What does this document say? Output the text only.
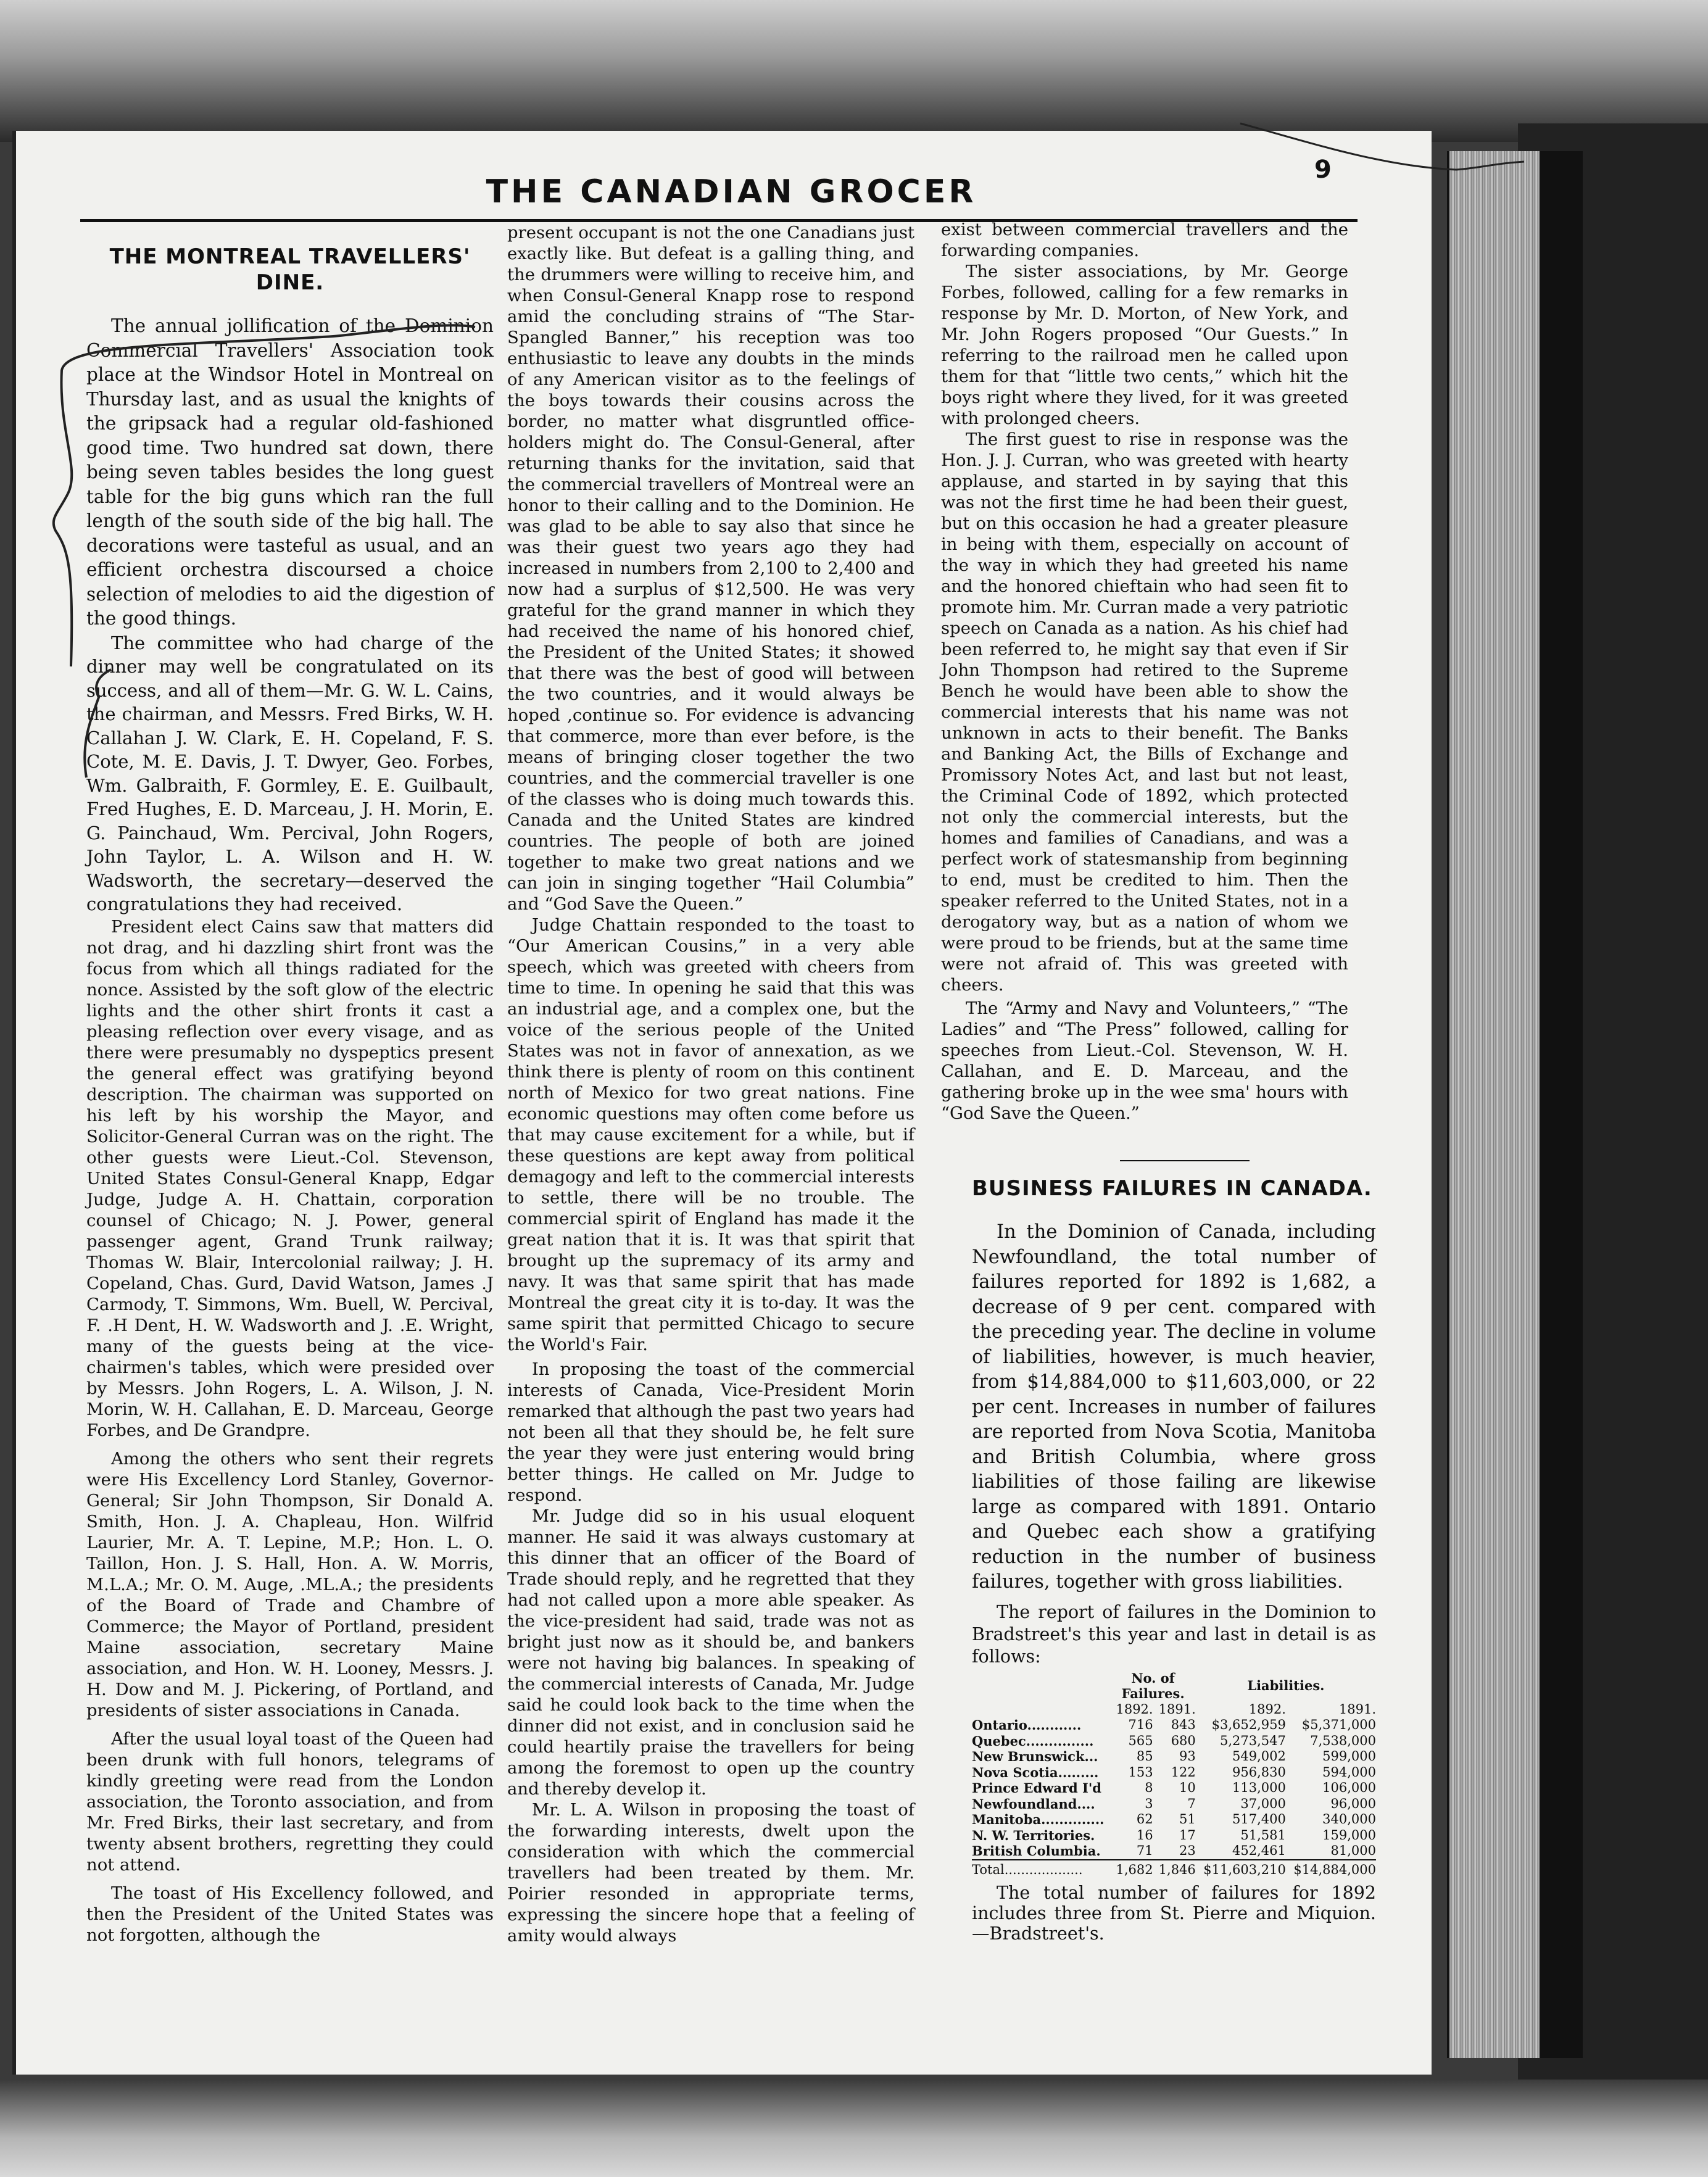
THE CANADIAN GROCER
9
THE MONTREAL TRAVELLERS' DINE.

The annual jollification of the Dominion Commercial Travellers' Association took place at the Windsor Hotel in Montreal on Thursday last, and as usual the knights of the gripsack had a regular old-fashioned good time. Two hundred sat down, there being seven tables besides the long guest table for the big guns which ran the full length of the south side of the big hall. The decorations were tasteful as usual, and an efficient orchestra discoursed a choice selection of melodies to aid the digestion of the good things.

The committee who had charge of the dinner may well be congratulated on its success, and all of them—Mr. G. W. L. Cains, the chairman, and Messrs. Fred Birks, W. H. Callahan J. W. Clark, E. H. Copeland, F. S. Cote, M. E. Davis, J. T. Dwyer, Geo. Forbes, Wm. Galbraith, F. Gormley, E. E. Guilbault, Fred Hughes, E. D. Marceau, J. H. Morin, E. G. Painchaud, Wm. Percival, John Rogers, John Taylor, L. A. Wilson and H. W. Wadsworth, the secretary—deserved the congratulations they had received.

President elect Cains saw that matters did not drag, and hi dazzling shirt front was the focus from which all things radiated for the nonce. Assisted by the soft glow of the electric lights and the other shirt fronts it cast a pleasing reflection over every visage, and as there were presumably no dyspeptics present the general effect was gratifying beyond description. The chairman was supported on his left by his worship the Mayor, and Solicitor-General Curran was on the right. The other guests were Lieut.-Col. Stevenson, United States Consul-General Knapp, Edgar Judge, Judge A. H. Chattain, corporation counsel of Chicago; N. J. Power, general passenger agent, Grand Trunk railway; Thomas W. Blair, Intercolonial railway; J. H. Copeland, Chas. Gurd, David Watson, James .J Carmody, T. Simmons, Wm. Buell, W. Percival, F. .H Dent, H. W. Wadsworth and J. .E. Wright, many of the guests being at the vice-chairmen's tables, which were presided over by Messrs. John Rogers, L. A. Wilson, J. N. Morin, W. H. Callahan, E. D. Marceau, George Forbes, and De Grandpre.

Among the others who sent their regrets were His Excellency Lord Stanley, Governor-General; Sir John Thompson, Sir Donald A. Smith, Hon. J. A. Chapleau, Hon. Wilfrid Laurier, Mr. A. T. Lepine, M.P.; Hon. L. O. Taillon, Hon. J. S. Hall, Hon. A. W. Morris, M.L.A.; Mr. O. M. Auge, .ML.A.; the presidents of the Board of Trade and Chambre of Commerce; the Mayor of Portland, president Maine association, secretary Maine association, and Hon. W. H. Looney, Messrs. J. H. Dow and M. J. Pickering, of Portland, and presidents of sister associations in Canada.

After the usual loyal toast of the Queen had been drunk with full honors, telegrams of kindly greeting were read from the London association, the Toronto association, and from Mr. Fred Birks, their last secretary, and from twenty absent brothers, regretting they could not attend.

The toast of His Excellency followed, and then the President of the United States was not forgotten, although the

present occupant is not the one Canadians just exactly like. But defeat is a galling thing, and the drummers were willing to receive him, and when Consul-General Knapp rose to respond amid the concluding strains of “The Star-Spangled Banner,” his reception was too enthusiastic to leave any doubts in the minds of any American visitor as to the feelings of the boys towards their cousins across the border, no matter what disgruntled office-holders might do. The Consul-General, after returning thanks for the invitation, said that the commercial travellers of Montreal were an honor to their calling and to the Dominion. He was glad to be able to say also that since he was their guest two years ago they had increased in numbers from 2,100 to 2,400 and now had a surplus of $12,500. He was very grateful for the grand manner in which they had received the name of his honored chief, the President of the United States; it showed that there was the best of good will between the two countries, and it would always be hoped ,continue so. For evidence is advancing that commerce, more than ever before, is the means of bringing closer together the two countries, and the commercial traveller is one of the classes who is doing much towards this. Canada and the United States are kindred countries. The people of both are joined together to make two great nations and we can join in singing together “Hail Columbia” and “God Save the Queen.”

Judge Chattain responded to the toast to “Our American Cousins,” in a very able speech, which was greeted with cheers from time to time. In opening he said that this was an industrial age, and a complex one, but the voice of the serious people of the United States was not in favor of annexation, as we think there is plenty of room on this continent north of Mexico for two great nations. Fine economic questions may often come before us that may cause excitement for a while, but if these questions are kept away from political demagogy and left to the commercial interests to settle, there will be no trouble. The commercial spirit of England has made it the great nation that it is. It was that spirit that brought up the supremacy of its army and navy. It was that same spirit that has made Montreal the great city it is to-day. It was the same spirit that permitted Chicago to secure the World's Fair.

In proposing the toast of the commercial interests of Canada, Vice-President Morin remarked that although the past two years had not been all that they should be, he felt sure the year they were just entering would bring better things. He called on Mr. Judge to respond.

Mr. Judge did so in his usual eloquent manner. He said it was always customary at this dinner that an officer of the Board of Trade should reply, and he regretted that they had not called upon a more able speaker. As the vice-president had said, trade was not as bright just now as it should be, and bankers were not having big balances. In speaking of the commercial interests of Canada, Mr. Judge said he could look back to the time when the dinner did not exist, and in conclusion said he could heartily praise the travellers for being among the foremost to open up the country and thereby develop it.

Mr. L. A. Wilson in proposing the toast of the forwarding interests, dwelt upon the consideration with which the commercial travellers had been treated by them. Mr. Poirier resonded in appropriate terms, expressing the sincere hope that a feeling of amity would always

exist between commercial travellers and the forwarding companies.

The sister associations, by Mr. George Forbes, followed, calling for a few remarks in response by Mr. D. Morton, of New York, and Mr. John Rogers proposed “Our Guests.” In referring to the railroad men he called upon them for that “little two cents,” which hit the boys right where they lived, for it was greeted with prolonged cheers.

The first guest to rise in response was the Hon. J. J. Curran, who was greeted with hearty applause, and started in by saying that this was not the first time he had been their guest, but on this occasion he had a greater pleasure in being with them, especially on account of the way in which they had greeted his name and the honored chieftain who had seen fit to promote him. Mr. Curran made a very patriotic speech on Canada as a nation. As his chief had been referred to, he might say that even if Sir John Thompson had retired to the Supreme Bench he would have been able to show the commercial interests that his name was not unknown in acts to their benefit. The Banks and Banking Act, the Bills of Exchange and Promissory Notes Act, and last but not least, the Criminal Code of 1892, which protected not only the commercial interests, but the homes and families of Canadians, and was a perfect work of statesmanship from beginning to end, must be credited to him. Then the speaker referred to the United States, not in a derogatory way, but as a nation of whom we were proud to be friends, but at the same time were not afraid of. This was greeted with cheers.

The “Army and Navy and Volunteers,” “The Ladies” and “The Press” followed, calling for speeches from Lieut.-Col. Stevenson, W. H. Callahan, and E. D. Marceau, and the gathering broke up in the wee sma' hours with “God Save the Queen.”

BUSINESS FAILURES IN CANADA.

In the Dominion of Canada, including Newfoundland, the total number of failures reported for 1892 is 1,682, a decrease of 9 per cent. compared with the preceding year. The decline in volume of liabilities, however, is much heavier, from $14,884,000 to $11,603,000, or 22 per cent. Increases in number of failures are reported from Nova Scotia, Manitoba and British Columbia, where gross liabilities of those failing are likewise large as compared with 1891. Ontario and Quebec each show a gratifying reduction in the number of business failures, together with gross liabilities.

The report of failures in the Dominion to Bradstreet's this year and last in detail is as follows:

	No. of Failures.		Liabilities.	
	1892.	1891.	1892.	1891.
Ontario............	716	843	$3,652,959	$5,371,000
Quebec...............	565	680	5,273,547	7,538,000
New Brunswick...	85	93	549,002	599,000
Nova Scotia.........	153	122	956,830	594,000
Prince Edward I'd	8	10	113,000	106,000
Newfoundland....	3	7	37,000	96,000
Manitoba..............	62	51	517,400	340,000
N. W. Territories.	16	17	51,581	159,000
British Columbia.	71	23	452,461	81,000
Total...................	1,682	1,846	$11,603,210	$14,884,000

The total number of failures for 1892 includes three from St. Pierre and Miquion.—Bradstreet's.
